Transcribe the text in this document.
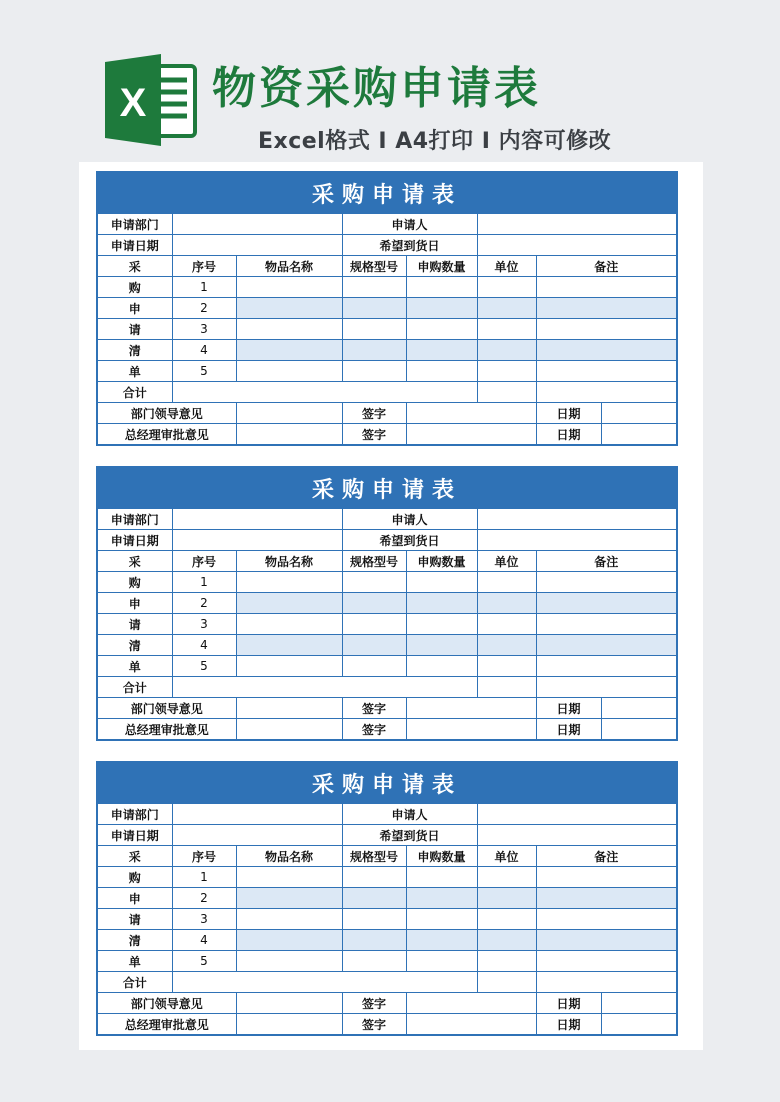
X 物资采购申请表
Excel格式 I A4打印 I 内容可修改
采购申请表							
申请部门			申请人				
申请日期			希望到货日				
采	序号	物品名称	规格型号	申购数量	单位	备注	
购	1						
申	2						
请	3						
清	4						
单	5						
合计							
部门领导意见			签字			日期	
总经理审批意见			签字			日期	
采购申请表							
申请部门			申请人				
申请日期			希望到货日				
采	序号	物品名称	规格型号	申购数量	单位	备注	
购	1						
申	2						
请	3						
清	4						
单	5						
合计							
部门领导意见			签字			日期	
总经理审批意见			签字			日期	
采购申请表							
申请部门			申请人				
申请日期			希望到货日				
采	序号	物品名称	规格型号	申购数量	单位	备注	
购	1						
申	2						
请	3						
清	4						
单	5						
合计							
部门领导意见			签字			日期	
总经理审批意见			签字			日期	
